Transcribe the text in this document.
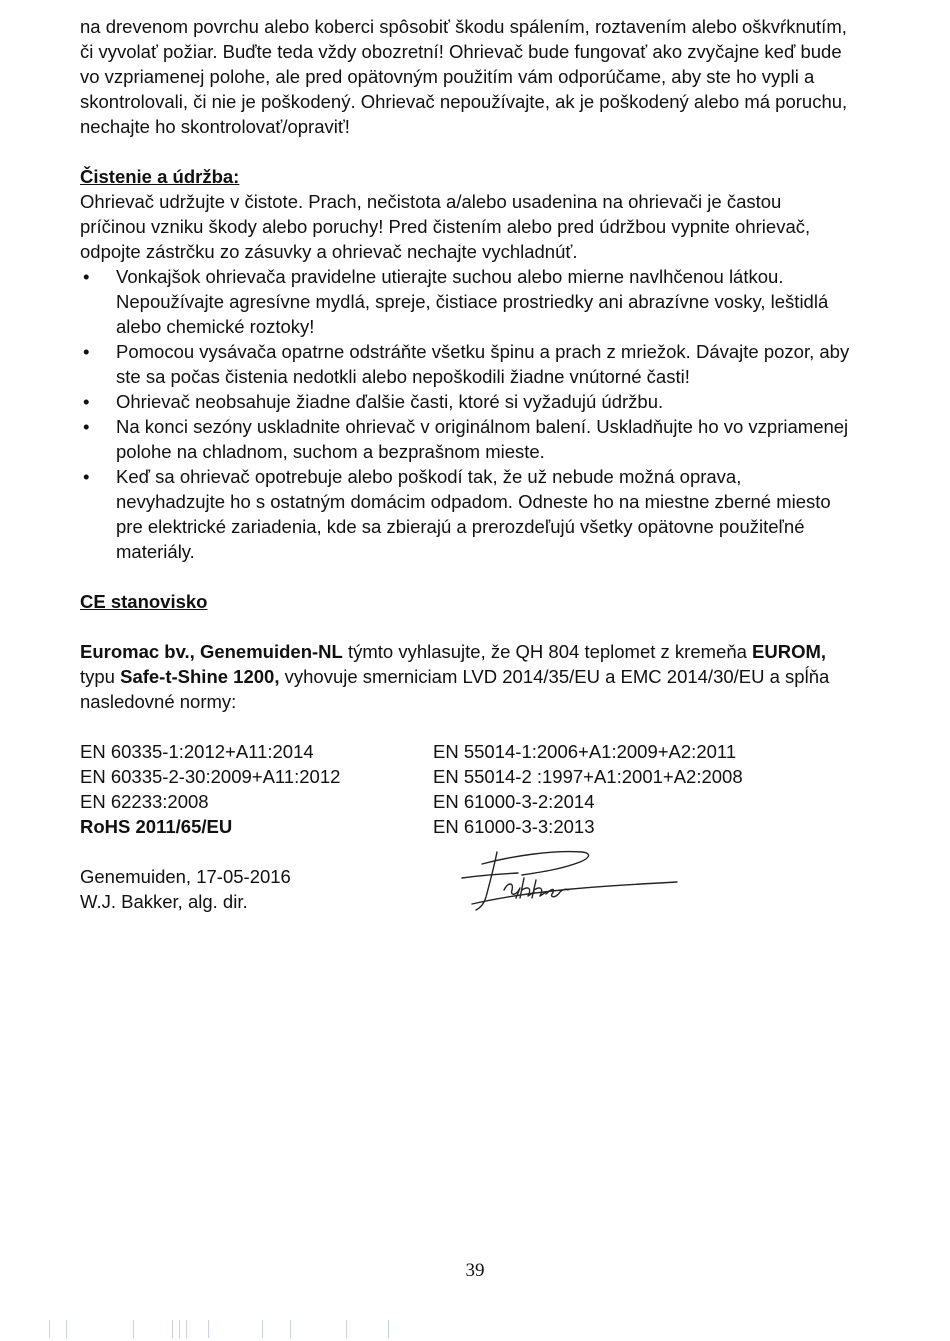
na drevenom povrchu alebo koberci spôsobiť škodu spálením, roztavením alebo oškvŕknutím, či vyvolať požiar. Buďte teda vždy obozretní! Ohrievač bude fungovať ako zvyčajne keď bude vo vzpriamenej polohe, ale pred opätovným použitím vám odporúčame, aby ste ho vypli a skontrolovali, či nie je poškodený. Ohrievač nepoužívajte, ak je poškodený alebo má poruchu, nechajte ho skontrolovať/opraviť!

Čistenie a údržba:

Ohrievač udržujte v čistote. Prach, nečistota a/alebo usadenina na ohrievači je častou príčinou vzniku škody alebo poruchy! Pred čistením alebo pred údržbou vypnite ohrievač, odpojte zástrčku zo zásuvky a ohrievač nechajte vychladnúť.

• Vonkajšok ohrievača pravidelne utierajte suchou alebo mierne navlhčenou látkou. Nepoužívajte agresívne mydlá, spreje, čistiace prostriedky ani abrazívne vosky, leštidlá alebo chemické roztoky!
• Pomocou vysávača opatrne odstráňte všetku špinu a prach z mriežok. Dávajte pozor, aby ste sa počas čistenia nedotkli alebo nepoškodili žiadne vnútorné časti!
• Ohrievač neobsahuje žiadne ďalšie časti, ktoré si vyžadujú údržbu.
• Na konci sezóny uskladnite ohrievač v originálnom balení. Uskladňujte ho vo vzpriamenej polohe na chladnom, suchom a bezprašnom mieste.
• Keď sa ohrievač opotrebuje alebo poškodí tak, že už nebude možná oprava, nevyhadzujte ho s ostatným domácim odpadom. Odneste ho na miestne zberné miesto pre elektrické zariadenia, kde sa zbierajú a prerozdeľujú všetky opätovne použiteľné materiály.

CE stanovisko

Euromac bv., Genemuiden-NL týmto vyhlasujte, že QH 804 teplomet z kremeňa EUROM, typu Safe-t-Shine 1200, vyhovuje smerniciam LVD 2014/35/EU a EMC 2014/30/EU a spĺňa nasledovné normy:

EN 60335-1:2012+A11:2014

EN 60335-2-30:2009+A11:2012

EN 62233:2008

RoHS 2011/65/EU

EN 55014-1:2006+A1:2009+A2:2011

EN 55014-2 :1997+A1:2001+A2:2008

EN 61000-3-2:2014

EN 61000-3-3:2013

Genemuiden, 17-05-2016

W.J. Bakker, alg. dir.

39
